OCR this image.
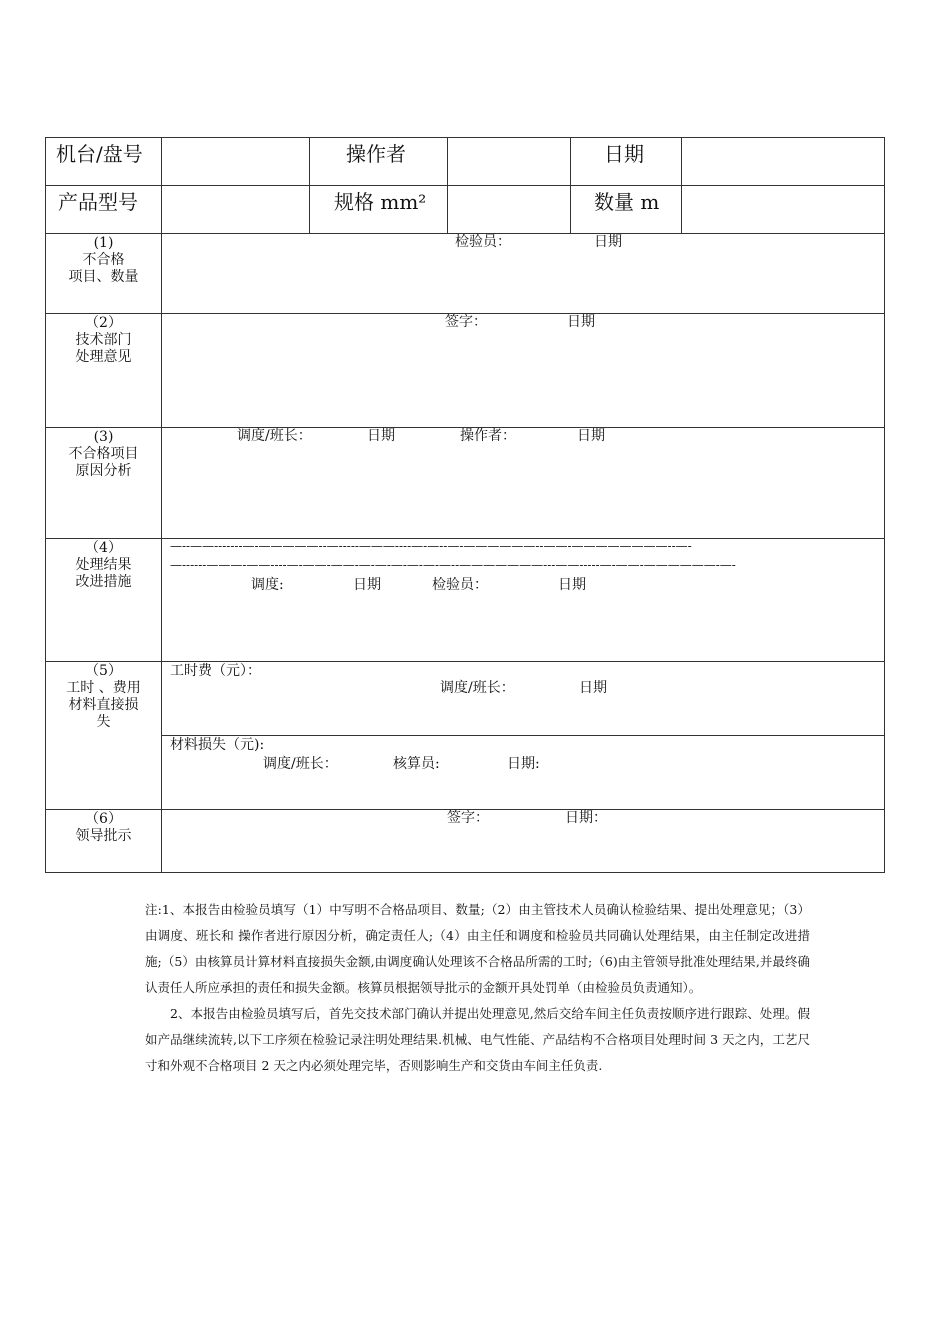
机台/盘号	操作者	日期
产品型号	规格 mm²	数量 m
(1)
不合格
项目、数量
检验员：	日期
（2）
技术部门
处理意见
签字：	日期
(3)
不合格项目
原因分析
调度/班长：	日期	操作者：	日期
（4）
处理结果
改进措施
—--——-------—-—————--—-----———----—-—--—-——————--——-————————--—-
—------———-——----—-——-——-—-—-—-—-—-—--———————---——-----—-——-——————-—-
调度:	日期	检验员：	日期
（5）
工时 、费用
材料直接损
失
工时费（元）：
调度/班长：	日期
材料损失（元):
调度/班长：	核算员:	日期:
（6）
领导批示
签字：	日期：

注:1、本报告由检验员填写（1）中写明不合格品项目、数量;（2）由主管技术人员确认检验结果、提出处理意见；（3）由调度、班长和 操作者进行原因分析，确定责任人;（4）由主任和调度和检验员共同确认处理结果，由主任制定改进措施;（5）由核算员计算材料直接损失金额,由调度确认处理该不合格品所需的工时;（6)由主管领导批准处理结果,并最终确认责任人所应承担的责任和损失金额。核算员根据领导批示的金额开具处罚单（由检验员负责通知）。

2、本报告由检验员填写后，首先交技术部门确认并提出处理意见,然后交给车间主任负责按顺序进行跟踪、处理。假如产品继续流转,以下工序须在检验记录注明处理结果.机械、电气性能、产品结构不合格项目处理时间 3 天之内，工艺尺寸和外观不合格项目 2 天之内必须处理完毕，否则影响生产和交货由车间主任负责.
